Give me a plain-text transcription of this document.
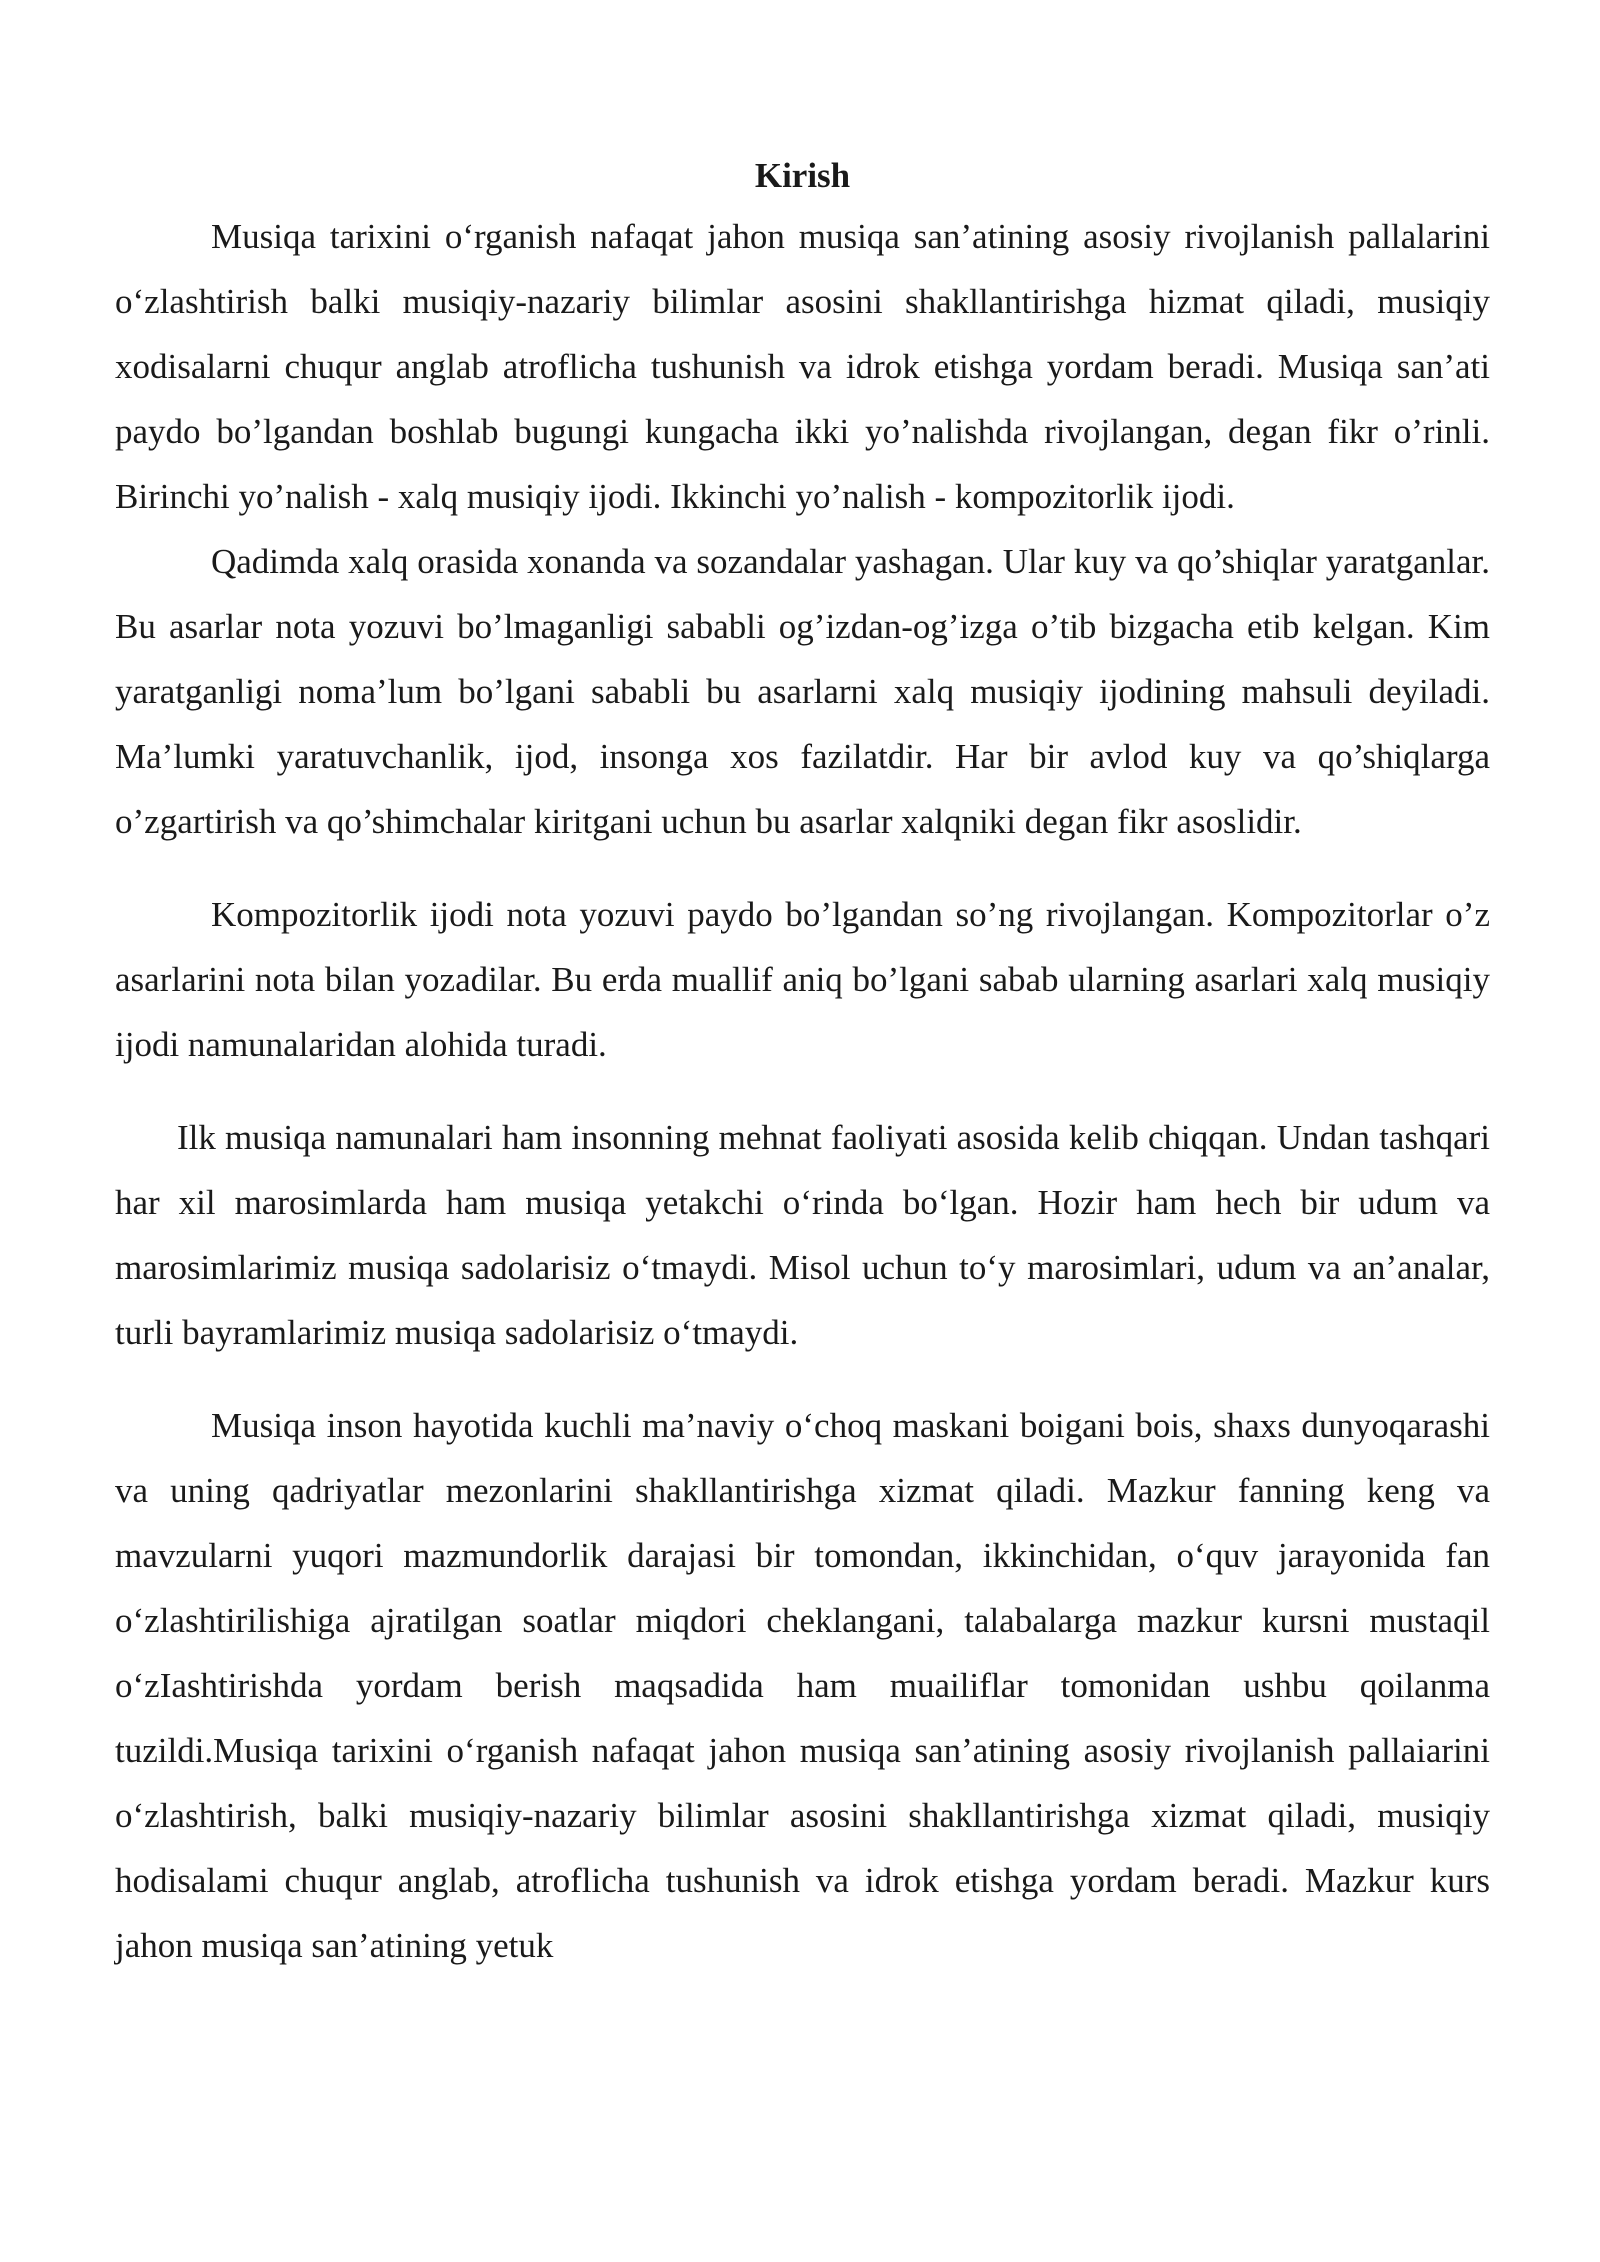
Kirish

Musiqa tarixini o‘rganish nafaqat jahon musiqa san’atining asosiy rivojlanish pallalarini o‘zlashtirish balki musiqiy-nazariy bilimlar asosini shakllantirishga hizmat qiladi, musiqiy xodisalarni chuqur anglab atroflicha tushunish va idrok etishga yordam beradi. Musiqa san’ati paydo bo’lgandan boshlab bugungi kungacha ikki yo’nalishda rivojlangan, degan fikr o’rinli. Birinchi yo’nalish - xalq musiqiy ijodi. Ikkinchi yo’nalish - kompozitorlik ijodi.

Qadimda xalq orasida xonanda va sozandalar yashagan. Ular kuy va qo’shiqlar yaratganlar. Bu asarlar nota yozuvi bo’lmaganligi sababli og’izdan-og’izga o’tib bizgacha etib kelgan. Kim yaratganligi noma’lum bo’lgani sababli bu asarlarni xalq musiqiy ijodining mahsuli deyiladi. Ma’lumki yaratuvchanlik, ijod, insonga xos fazilatdir. Har bir avlod kuy va qo’shiqlarga o’zgartirish va qo’shimchalar kiritgani uchun bu asarlar xalqniki degan fikr asoslidir.

Kompozitorlik ijodi nota yozuvi paydo bo’lgandan so’ng rivojlangan. Kompozitorlar o’z asarlarini nota bilan yozadilar. Bu erda muallif aniq bo’lgani sabab ularning asarlari xalq musiqiy ijodi namunalaridan alohida turadi.

Ilk musiqa namunalari ham insonning mehnat faoliyati asosida kelib chiqqan. Undan tashqari har xil marosimlarda ham musiqa yetakchi o‘rinda bo‘lgan. Hozir ham hech bir udum va marosimlarimiz musiqa sadolarisiz o‘tmaydi. Misol uchun to‘y marosimlari, udum va an’analar, turli bayramlarimiz musiqa sadolarisiz o‘tmaydi.

Musiqa inson hayotida kuchli ma’naviy o‘choq maskani boigani bois, shaxs dunyoqarashi va uning qadriyatlar mezonlarini shakllantirishga xizmat qiladi. Mazkur fanning keng va mavzularni yuqori mazmundorlik darajasi bir tomondan, ikkinchidan, o‘quv jarayonida fan o‘zlashtirilishiga ajratilgan soatlar miqdori cheklangani, talabalarga mazkur kursni mustaqil o‘zIashtirishda yordam berish maqsadida ham muailiflar tomonidan ushbu qoilanma tuzildi.Musiqa tarixini o‘rganish nafaqat jahon musiqa san’atining asosiy rivojlanish pallaiarini o‘zlashtirish, balki musiqiy-nazariy bilimlar asosini shakllantirishga xizmat qiladi, musiqiy hodisalami chuqur anglab, atroflicha tushunish va idrok etishga yordam beradi. Mazkur kurs jahon musiqa san’atining yetuk
